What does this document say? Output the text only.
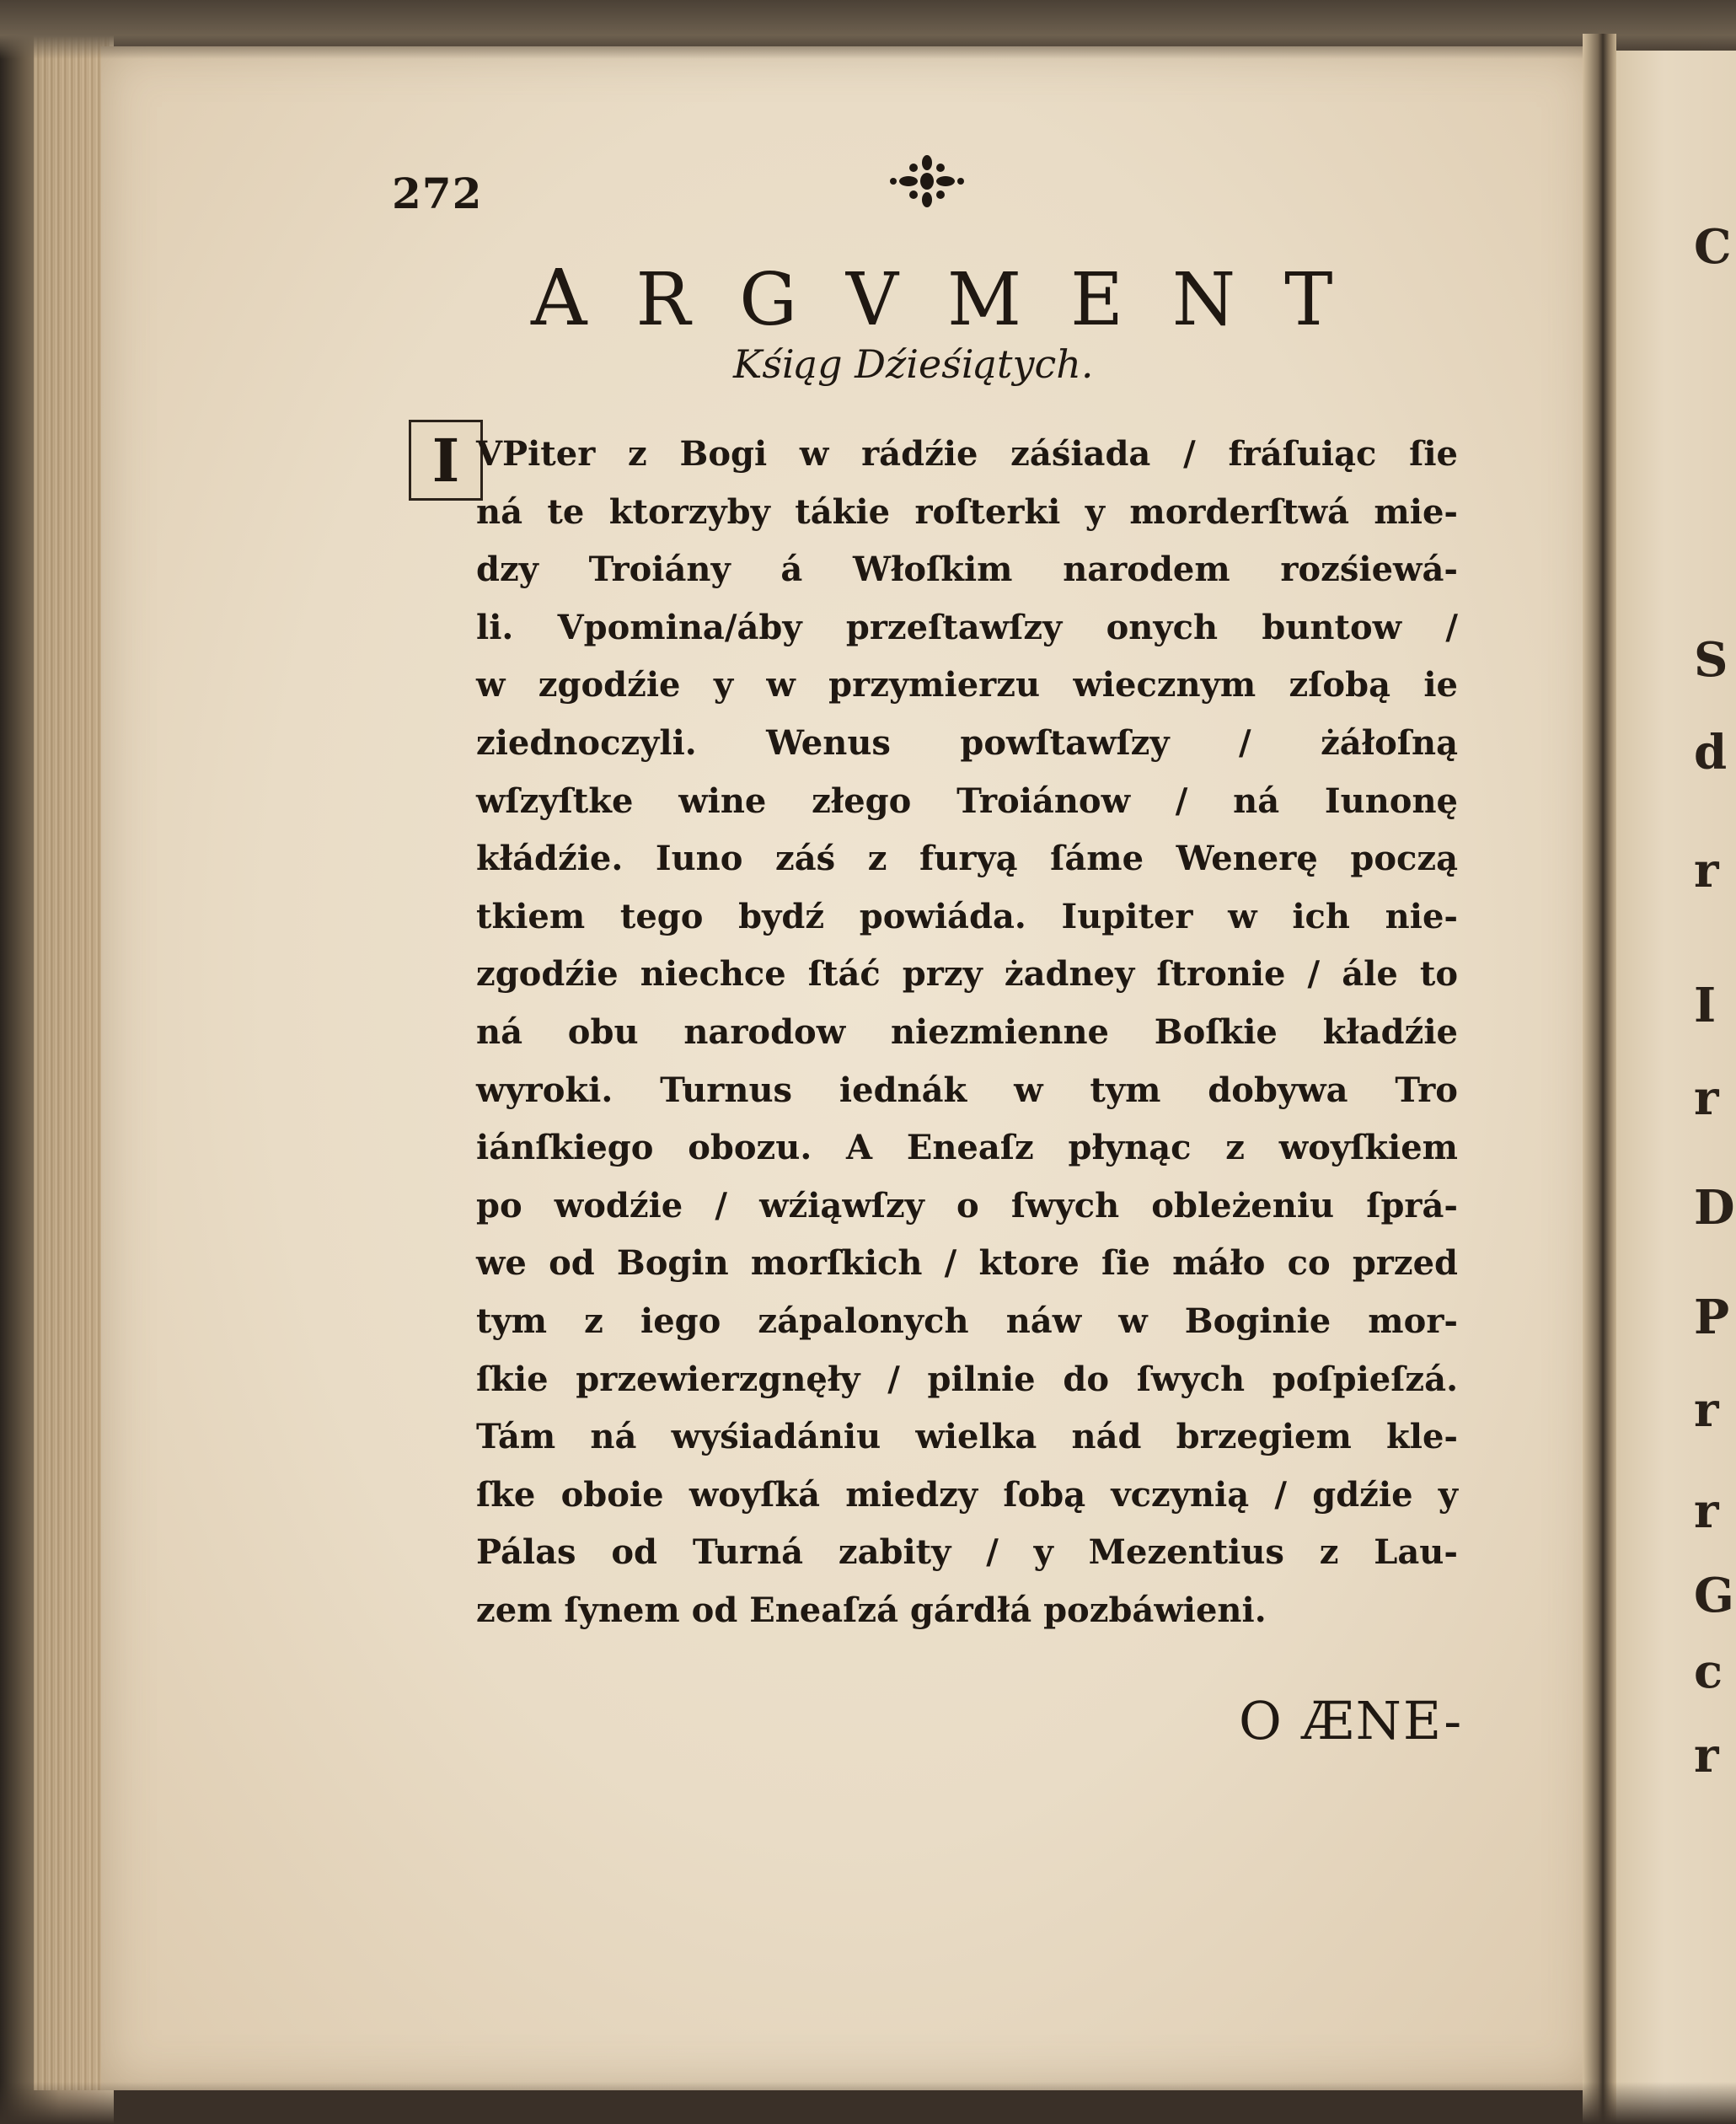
272
ARGVMENT
Kśiąg Dźieśiątych.
I VPiter z Bogi w rádźie záśiada / fráſuiąc ſie
ná te ktorzyby tákie roſterki y morderſtwá mie-
dzy Troiány á Włoſkim narodem rozśiewá-
li. Vpomina/áby przeſtawſzy onych buntow /
w zgodźie y w przymierzu wiecznym zſobą ie
ziednoczyli. Wenus powſtawſzy / żáłoſną
wſzyſtke wine złego Troiánow / ná Iunonę
kłádźie. Iuno záś z furyą ſáme Wenerę począ
tkiem tego bydź powiáda. Iupiter w ich nie-
zgodźie niechce ſtáć przy żadney ſtronie / ále to
ná obu narodow niezmienne Boſkie kładźie
wyroki. Turnus iednák w tym dobywa Tro
iánſkiego obozu. A Eneaſz płynąc z woyſkiem
po wodźie / wźiąwſzy o ſwych obleżeniu ſprá-
we od Bogin morſkich / ktore ſie máło co przed
tym z iego zápalonych náw w Boginie mor-
ſkie przewierzgnęły / pilnie do ſwych poſpieſzá.
Tám ná wyśiadániu wielka nád brzegiem kle-
ſke oboie woyſká miedzy ſobą vczynią / gdźie y
Pálas od Turná zabity / y Mezentius z Lau-
zem ſynem od Eneaſzá gárdłá pozbáwieni.
O ÆNE-
C
S
d
r
I
r
D
P
r
r
G
c
r
